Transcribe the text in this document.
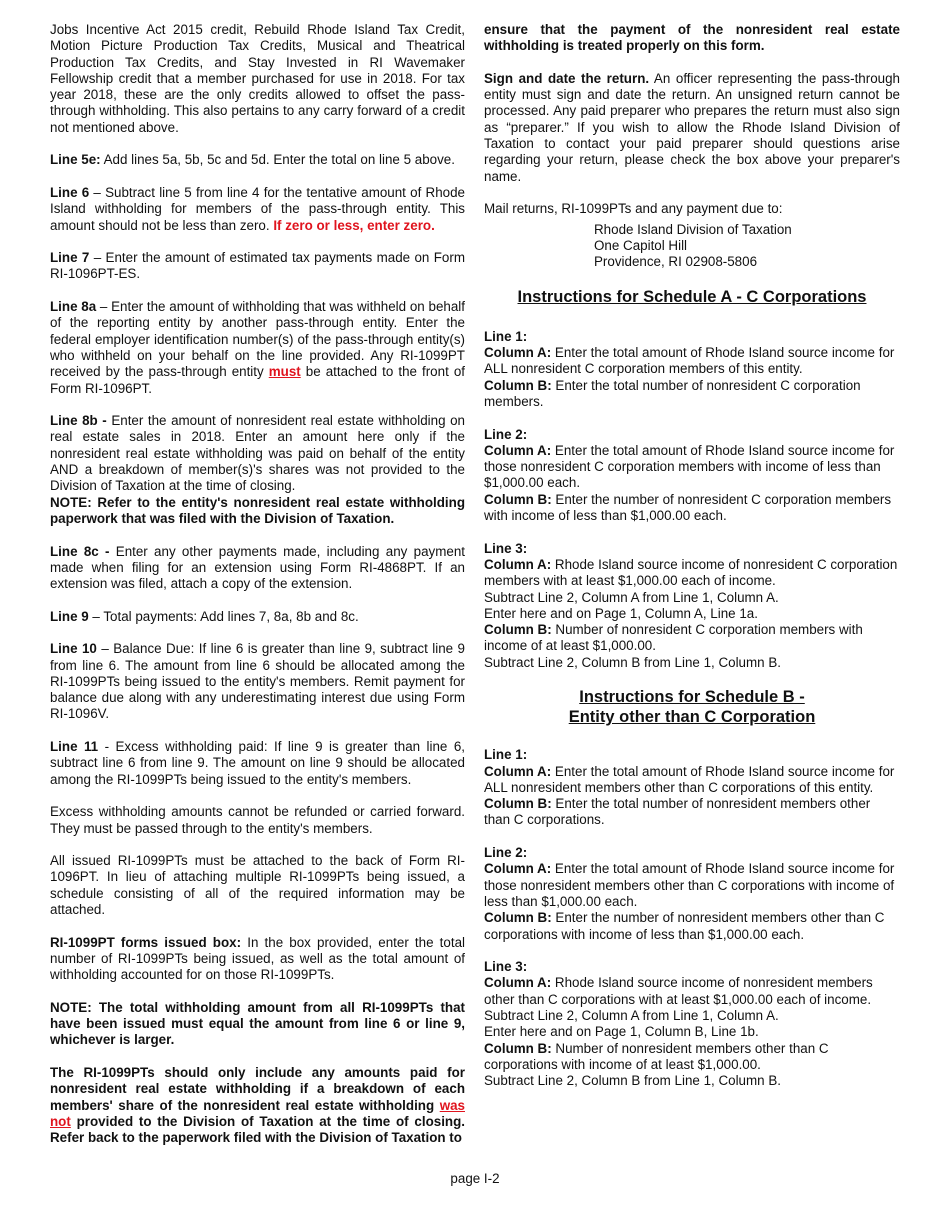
Jobs Incentive Act 2015 credit, Rebuild Rhode Island Tax Credit, Motion Picture Production Tax Credits, Musical and Theatrical Production Tax Credits, and Stay Invested in RI Wavemaker Fellowship credit that a member purchased for use in 2018. For tax year 2018, these are the only credits allowed to offset the pass-through withholding. This also pertains to any carry forward of a credit not mentioned above.

Line 5e: Add lines 5a, 5b, 5c and 5d. Enter the total on line 5 above.

Line 6 – Subtract line 5 from line 4 for the tentative amount of Rhode Island withholding for members of the pass-through entity. This amount should not be less than zero. If zero or less, enter zero.

Line 7 – Enter the amount of estimated tax payments made on Form RI-1096PT-ES.

Line 8a – Enter the amount of withholding that was withheld on behalf of the reporting entity by another pass-through entity. Enter the federal employer identification number(s) of the pass-through entity(s) who withheld on your behalf on the line provided. Any RI-1099PT received by the pass-through entity must be attached to the front of Form RI-1096PT.

Line 8b - Enter the amount of nonresident real estate withholding on real estate sales in 2018. Enter an amount here only if the nonresident real estate withholding was paid on behalf of the entity AND a breakdown of member(s)'s shares was not provided to the Division of Taxation at the time of closing.

NOTE: Refer to the entity's nonresident real estate withholding paperwork that was filed with the Division of Taxation.

Line 8c - Enter any other payments made, including any payment made when filing for an extension using Form RI-4868PT. If an extension was filed, attach a copy of the extension.

Line 9 – Total payments: Add lines 7, 8a, 8b and 8c.

Line 10 – Balance Due: If line 6 is greater than line 9, subtract line 9 from line 6. The amount from line 6 should be allocated among the RI-1099PTs being issued to the entity's members. Remit payment for balance due along with any underestimating interest due using Form RI-1096V.

Line 11 - Excess withholding paid: If line 9 is greater than line 6, subtract line 6 from line 9. The amount on line 9 should be allocated among the RI-1099PTs being issued to the entity's members.

Excess withholding amounts cannot be refunded or carried forward. They must be passed through to the entity's members.

All issued RI-1099PTs must be attached to the back of Form RI-1096PT. In lieu of attaching multiple RI-1099PTs being issued, a schedule consisting of all of the required information may be attached.

RI-1099PT forms issued box: In the box provided, enter the total number of RI-1099PTs being issued, as well as the total amount of withholding accounted for on those RI-1099PTs.

NOTE: The total withholding amount from all RI-1099PTs that have been issued must equal the amount from line 6 or line 9, whichever is larger.

The RI-1099PTs should only include any amounts paid for nonresident real estate withholding if a breakdown of each members' share of the nonresident real estate withholding was not provided to the Division of Taxation at the time of closing. Refer back to the paperwork filed with the Division of Taxation to

ensure that the payment of the nonresident real estate withholding is treated properly on this form.

Sign and date the return. An officer representing the pass-through entity must sign and date the return. An unsigned return cannot be processed. Any paid preparer who prepares the return must also sign as “preparer.” If you wish to allow the Rhode Island Division of Taxation to contact your paid preparer should questions arise regarding your return, please check the box above your preparer's name.

Mail returns, RI-1099PTs and any payment due to:

Rhode Island Division of Taxation
One Capitol Hill
Providence, RI 02908-5806
Instructions for Schedule A - C Corporations
Line 1:
Column A: Enter the total amount of Rhode Island source income for ALL nonresident C corporation members of this entity.
Column B: Enter the total number of nonresident C corporation members.
Line 2:
Column A: Enter the total amount of Rhode Island source income for those nonresident C corporation members with income of less than $1,000.00 each.
Column B: Enter the number of nonresident C corporation members with income of less than $1,000.00 each.
Line 3:
Column A: Rhode Island source income of nonresident C corporation members with at least $1,000.00 each of income.
Subtract Line 2, Column A from Line 1, Column A.
Enter here and on Page 1, Column A, Line 1a.
Column B: Number of nonresident C corporation members with income of at least $1,000.00.
Subtract Line 2, Column B from Line 1, Column B.
Instructions for Schedule B -
Entity other than C Corporation
Line 1:
Column A: Enter the total amount of Rhode Island source income for ALL nonresident members other than C corporations of this entity.
Column B: Enter the total number of nonresident members other than C corporations.
Line 2:
Column A: Enter the total amount of Rhode Island source income for those nonresident members other than C corporations with income of less than $1,000.00 each.
Column B: Enter the number of nonresident members other than C corporations with income of less than $1,000.00 each.
Line 3:
Column A: Rhode Island source income of nonresident members other than C corporations with at least $1,000.00 each of income.
Subtract Line 2, Column A from Line 1, Column A.
Enter here and on Page 1, Column B, Line 1b.
Column B: Number of nonresident members other than C corporations with income of at least $1,000.00.
Subtract Line 2, Column B from Line 1, Column B.
page I-2
